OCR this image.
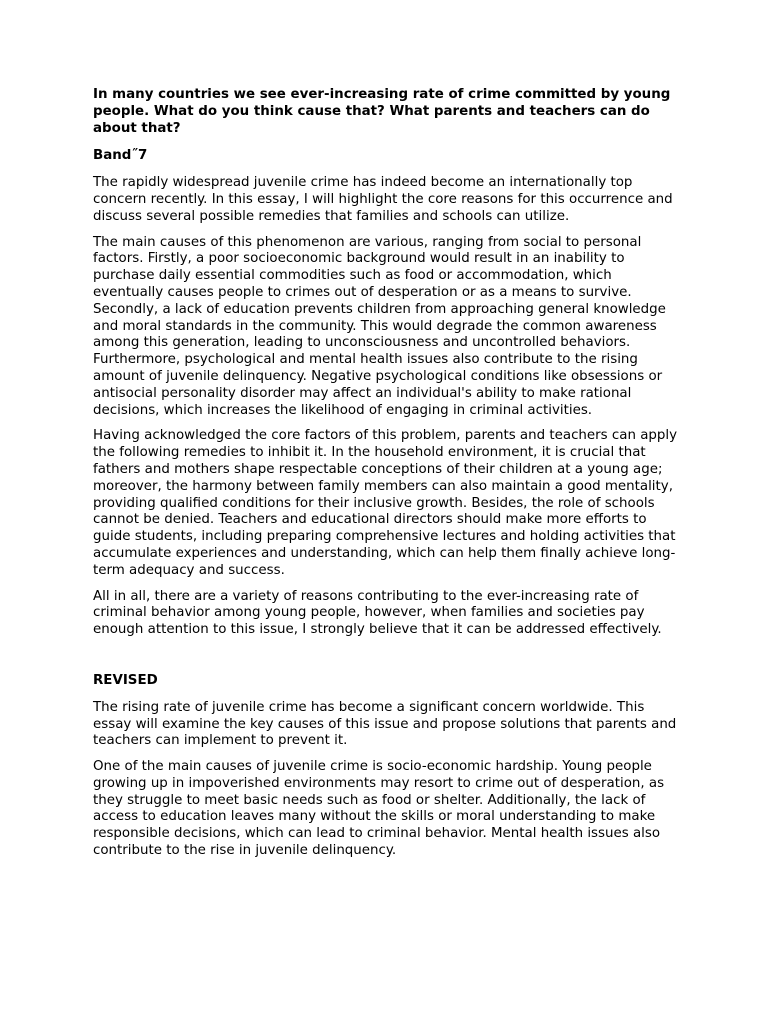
In many countries we see ever-increasing rate of crime committed by young people. What do you think cause that? What parents and teachers can do about that?
Band˝7

The rapidly widespread juvenile crime has indeed become an internationally top concern recently. In this essay, I will highlight the core reasons for this occurrence and discuss several possible remedies that families and schools can utilize.

The main causes of this phenomenon are various, ranging from social to personal factors. Firstly, a poor socioeconomic background would result in an inability to purchase daily essential commodities such as food or accommodation, which eventually causes people to crimes out of desperation or as a means to survive. Secondly, a lack of education prevents children from approaching general knowledge and moral standards in the community. This would degrade the common awareness among this generation, leading to unconsciousness and uncontrolled behaviors. Furthermore, psychological and mental health issues also contribute to the rising amount of juvenile delinquency. Negative psychological conditions like obsessions or antisocial personality disorder may affect an individual's ability to make rational decisions, which increases the likelihood of engaging in criminal activities.

Having acknowledged the core factors of this problem, parents and teachers can apply the following remedies to inhibit it. In the household environment, it is crucial that fathers and mothers shape respectable conceptions of their children at a young age; moreover, the harmony between family members can also maintain a good mentality, providing qualified conditions for their inclusive growth. Besides, the role of schools cannot be denied. Teachers and educational directors should make more efforts to guide students, including preparing comprehensive lectures and holding activities that accumulate experiences and understanding, which can help them finally achieve long-term adequacy and success.

All in all, there are a variety of reasons contributing to the ever-increasing rate of criminal behavior among young people, however, when families and societies pay enough attention to this issue, I strongly believe that it can be addressed effectively.

REVISED

The rising rate of juvenile crime has become a significant concern worldwide. This essay will examine the key causes of this issue and propose solutions that parents and teachers can implement to prevent it.

One of the main causes of juvenile crime is socio-economic hardship. Young people growing up in impoverished environments may resort to crime out of desperation, as they struggle to meet basic needs such as food or shelter. Additionally, the lack of access to education leaves many without the skills or moral understanding to make responsible decisions, which can lead to criminal behavior. Mental health issues also contribute to the rise in juvenile delinquency.
